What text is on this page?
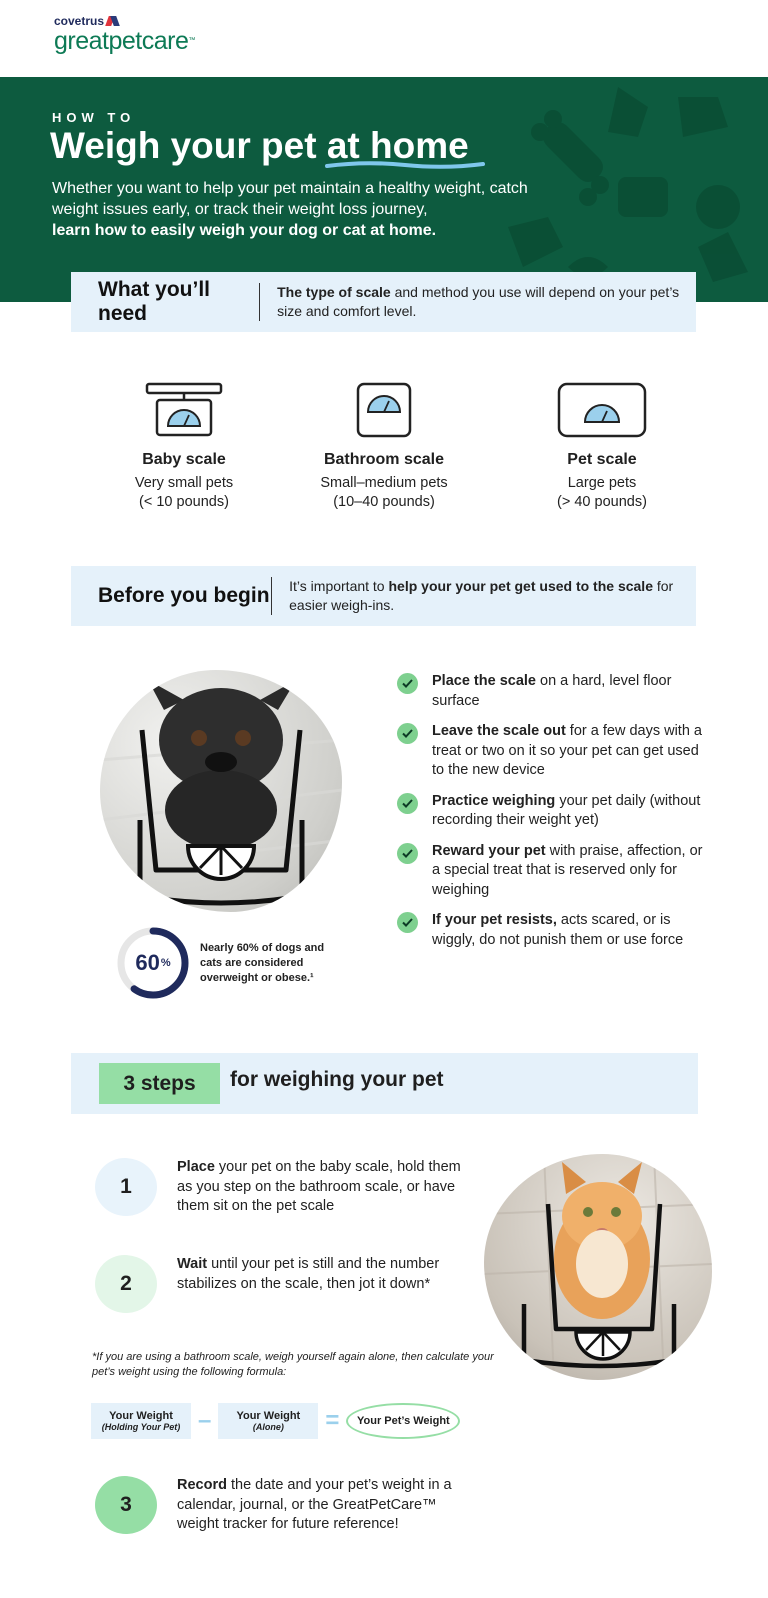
covetrus
greatpetcare™
HOW TO
Weigh your pet at home

Whether you want to help your pet maintain a healthy weight, catch weight issues early, or track their weight loss journey,
learn how to easily weigh your dog or cat at home.

What you’ll need
The type of scale and method you use will depend on your pet’s size and comfort level.
Baby scale
Very small pets
(< 10 pounds)
Bathroom scale
Small–medium pets
(10–40 pounds)
Pet scale
Large pets
(> 40 pounds)
Before you begin It’s important to help your your pet get used to the scale for easier weigh-ins.
60 %
Nearly 60% of dogs and cats are considered overweight or obese.¹
Place the scale on a hard, level floor surface
Leave the scale out for a few days with a treat or two on it so your pet can get used to the new device
Practice weighing your pet daily (without recording their weight yet)
Reward your pet with praise, affection, or a special treat that is reserved only for weighing
If your pet resists, acts scared, or is wiggly, do not punish them or use force
3 steps	for weighing your pet
1
Place your pet on the baby scale, hold them as you step on the bathroom scale, or have them sit on the pet scale
2
Wait until your pet is still and the number stabilizes on the scale, then jot it down*
*If you are using a bathroom scale, weigh yourself again alone, then calculate your pet’s weight using the following formula:
Your Weight
(Holding Your Pet) – Your Weight
(Alone) =	Your Pet’s Weight
3
Record the date and your pet’s weight in a calendar, journal, or the GreatPetCare™ weight tracker for future reference!
